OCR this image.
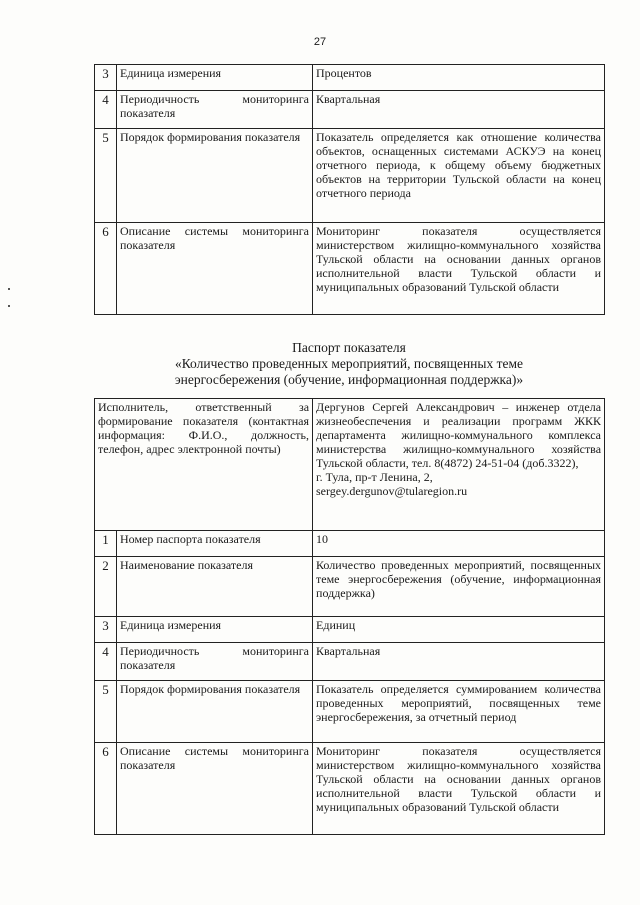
27
3	Единица измерения	Процентов
4	Периодичность мониторинга показателя	Квартальная
5	Порядок формирования показателя	Показатель определяется как отношение количества объектов, оснащенных системами АСКУЭ на конец отчетного периода, к общему объему бюджетных объектов на территории Тульской области на конец отчетного периода
6	Описание системы мониторинга показателя	Мониторинг показателя осуществляется министерством жилищно-коммунального хозяйства Тульской области на основании данных органов исполнительной власти Тульской области и муниципальных образований Тульской области
Паспорт показателя
«Количество проведенных мероприятий, посвященных теме
энергосбережения (обучение, информационная поддержка)»
Исполнитель, ответственный за формирование показателя (контактная информация: Ф.И.О., должность, телефон, адрес электронной почты)		Дергунов Сергей Александрович – инженер отдела жизнеобеспечения и реализации программ ЖКК департамента жилищно-коммунального комплекса министерства жилищно-коммунального хозяйства Тульской области, тел. 8(4872) 24-51-04 (доб.3322),
г. Тула, пр-т Ленина, 2,
sergey.dergunov@tularegion.ru

1	Номер паспорта показателя	10
2	Наименование показателя	Количество проведенных мероприятий, посвященных теме энергосбережения (обучение, информационная поддержка)
3	Единица измерения	Единиц
4	Периодичность мониторинга показателя	Квартальная
5	Порядок формирования показателя	Показатель определяется суммированием количества проведенных мероприятий, посвященных теме энергосбережения, за отчетный период
6	Описание системы мониторинга показателя	Мониторинг показателя осуществляется министерством жилищно-коммунального хозяйства Тульской области на основании данных органов исполнительной власти Тульской области и муниципальных образований Тульской области
